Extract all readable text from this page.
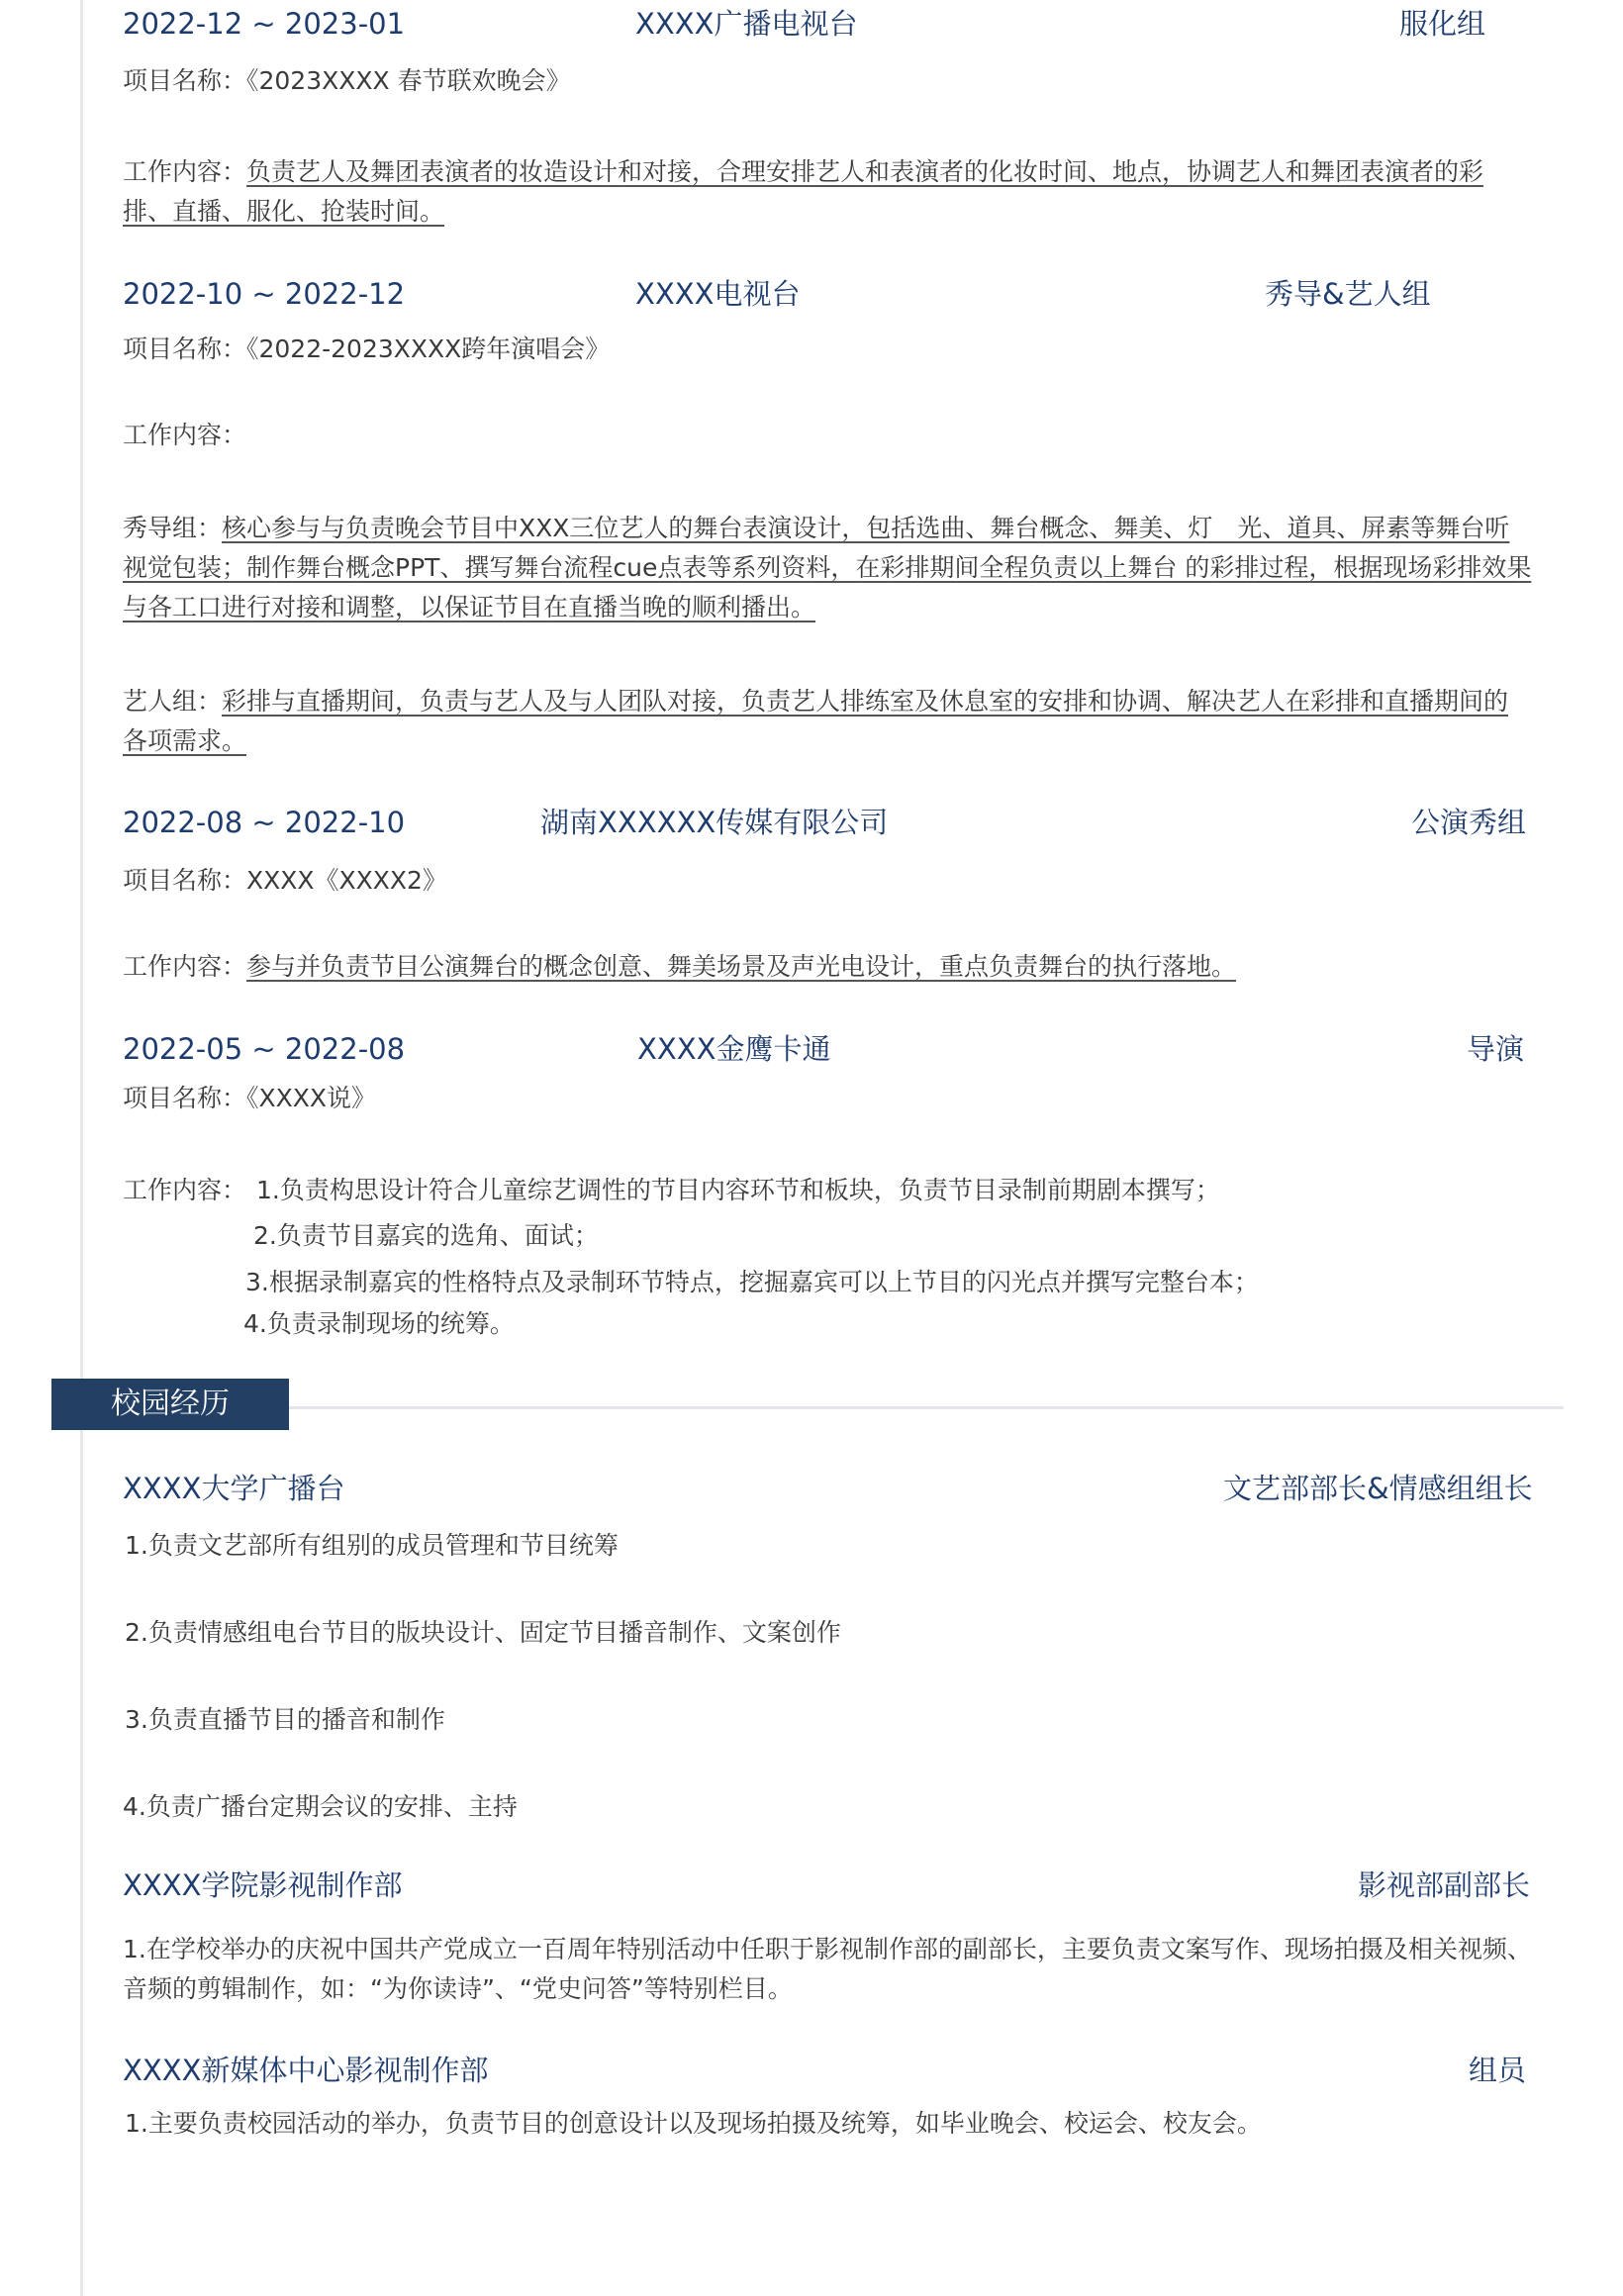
2022-12 ~ 2023-01	XXXX广播电视台	服化组
项目名称：《2023XXXX 春节联欢晚会》
工作内容：负责艺人及舞团表演者的妆造设计和对接，合理安排艺人和表演者的化妆时间、地点，协调艺人和舞团表演者的彩 排、直播、服化、抢装时间。
2022-10 ~ 2022-12	XXXX电视台	秀导&艺人组
项目名称：《2022-2023XXXX跨年演唱会》
工作内容：
秀导组：核心参与与负责晚会节目中XXX三位艺人的舞台表演设计，包括选曲、舞台概念、舞美、灯　光、道具、屏素等舞台听视觉包装；制作舞台概念PPT、撰写舞台流程cue点表等系列资料，在彩排期间全程负责以上舞台 的彩排过程，根据现场彩排效果与各工口进行对接和调整，以保证节目在直播当晚的顺利播出。
艺人组：彩排与直播期间，负责与艺人及与人团队对接，负责艺人排练室及休息室的安排和协调、解决艺人在彩排和直播期间的各项需求。
2022-08 ~ 2022-10	湖南XXXXXX传媒有限公司	公演秀组
项目名称：XXXX《XXXX2》
工作内容：参与并负责节目公演舞台的概念创意、舞美场景及声光电设计，重点负责舞台的执行落地。
2022-05 ~ 2022-08	XXXX金鹰卡通	导演
项目名称：《XXXX说》
工作内容： 1.负责构思设计符合儿童综艺调性的节目内容环节和板块，负责节目录制前期剧本撰写；
2.负责节目嘉宾的选角、面试；
3.根据录制嘉宾的性格特点及录制环节特点，挖掘嘉宾可以上节目的闪光点并撰写完整台本；
4.负责录制现场的统筹。
校园经历
XXXX大学广播台	文艺部部长&情感组组长
1.负责文艺部所有组别的成员管理和节目统筹
2.负责情感组电台节目的版块设计、固定节目播音制作、文案创作
3.负责直播节目的播音和制作
4.负责广播台定期会议的安排、主持
XXXX学院影视制作部	影视部副部长
1.在学校举办的庆祝中国共产党成立一百周年特别活动中任职于影视制作部的副部长，主要负责文案写作、现场拍摄及相关视频、音频的剪辑制作，如：“为你读诗”、“党史问答”等特别栏目。
XXXX新媒体中心影视制作部	组员
1.主要负责校园活动的举办，负责节目的创意设计以及现场拍摄及统筹，如毕业晚会、校运会、校友会。
